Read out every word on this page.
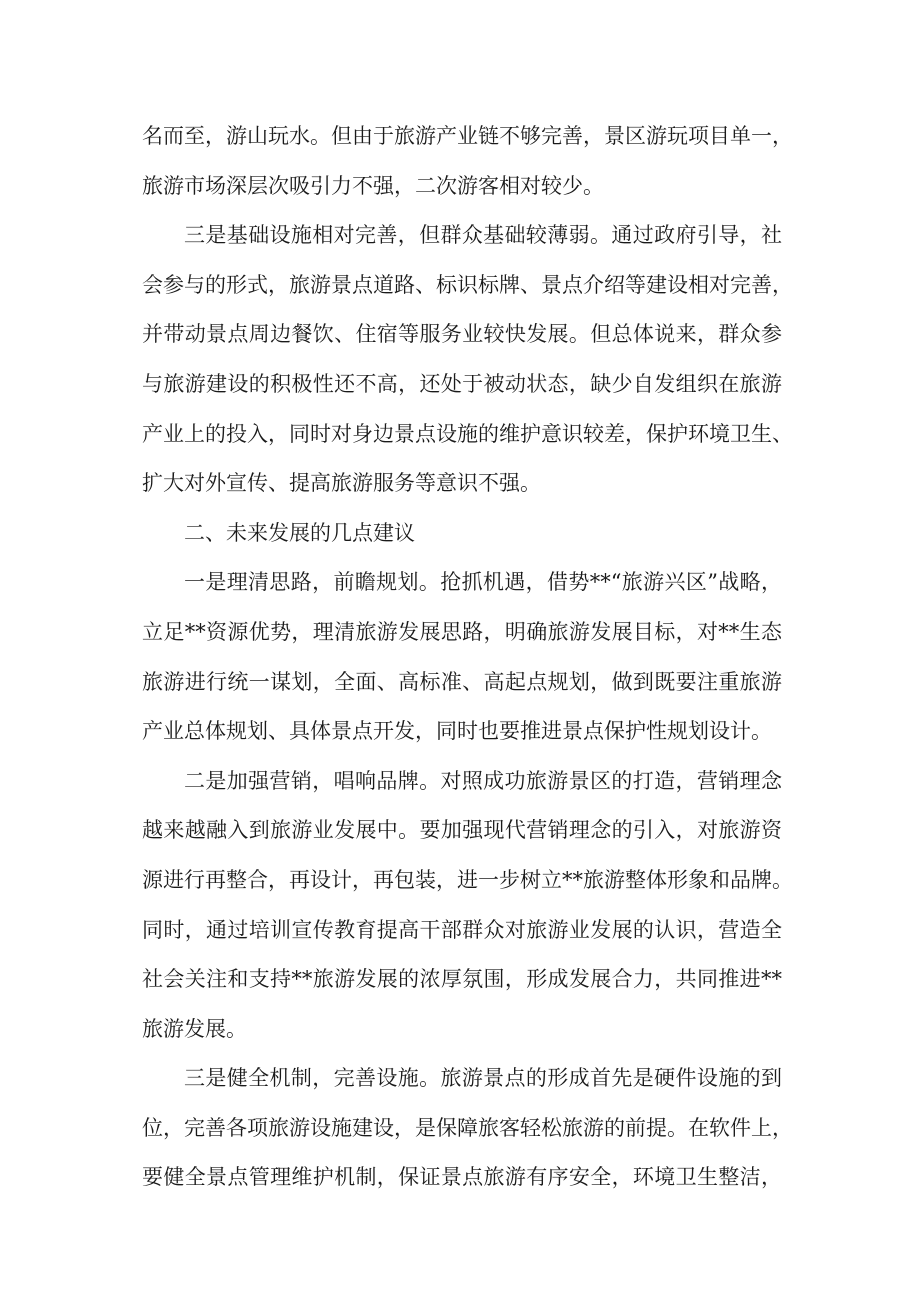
名而至，游山玩水。但由于旅游产业链不够完善，景区游玩项目单一，
旅游市场深层次吸引力不强，二次游客相对较少。

三是基础设施相对完善，但群众基础较薄弱。通过政府引导，社
会参与的形式，旅游景点道路、标识标牌、景点介绍等建设相对完善，
并带动景点周边餐饮、住宿等服务业较快发展。但总体说来，群众参
与旅游建设的积极性还不高，还处于被动状态，缺少自发组织在旅游
产业上的投入，同时对身边景点设施的维护意识较差，保护环境卫生、
扩大对外宣传、提高旅游服务等意识不强。

二、未来发展的几点建议

一是理清思路，前瞻规划。抢抓机遇，借势**“旅游兴区”战略，
立足**资源优势，理清旅游发展思路，明确旅游发展目标，对**生态
旅游进行统一谋划，全面、高标准、高起点规划，做到既要注重旅游
产业总体规划、具体景点开发，同时也要推进景点保护性规划设计。

二是加强营销，唱响品牌。对照成功旅游景区的打造，营销理念
越来越融入到旅游业发展中。要加强现代营销理念的引入，对旅游资
源进行再整合，再设计，再包装，进一步树立**旅游整体形象和品牌。
同时，通过培训宣传教育提高干部群众对旅游业发展的认识，营造全
社会关注和支持**旅游发展的浓厚氛围，形成发展合力，共同推进**
旅游发展。

三是健全机制，完善设施。旅游景点的形成首先是硬件设施的到
位，完善各项旅游设施建设，是保障旅客轻松旅游的前提。在软件上，
要健全景点管理维护机制，保证景点旅游有序安全，环境卫生整洁，
